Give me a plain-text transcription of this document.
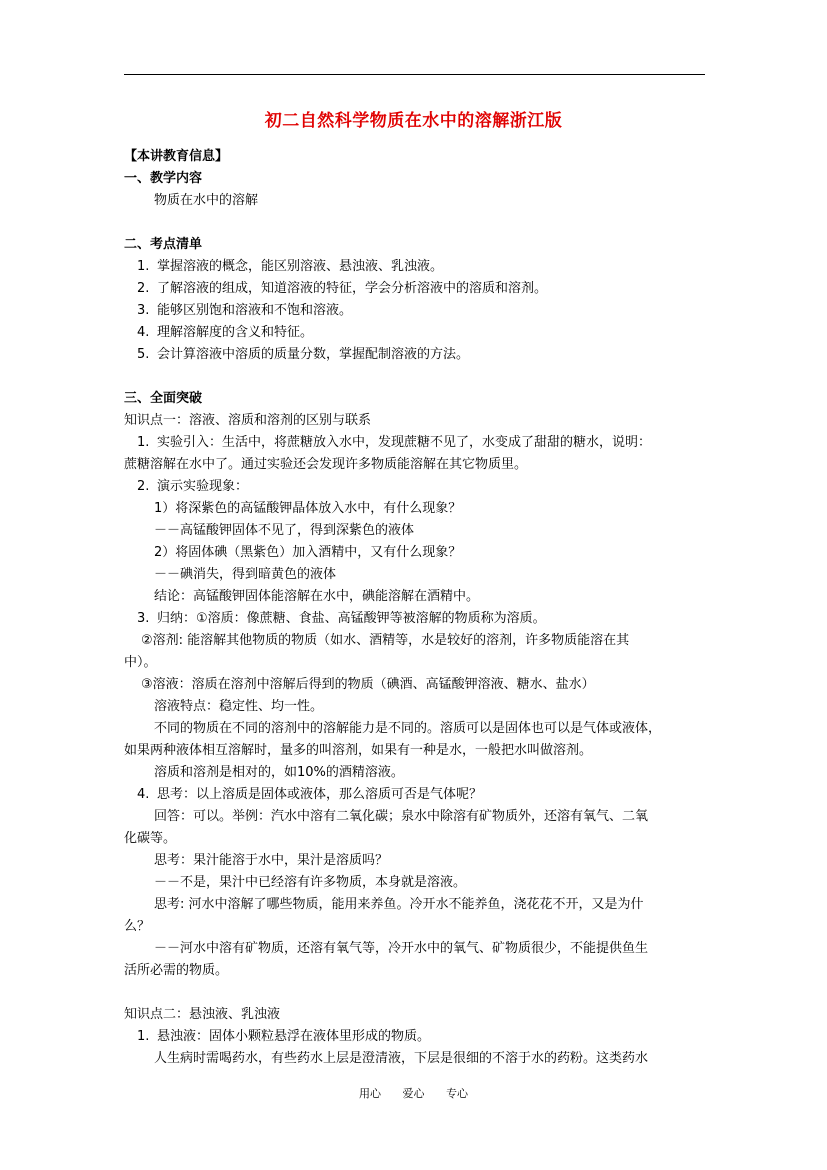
初二自然科学物质在水中的溶解浙江版
【本讲教育信息】
一、教学内容
物质在水中的溶解
二、考点清单
1. 掌握溶液的概念，能区别溶液、悬浊液、乳浊液。
2. 了解溶液的组成，知道溶液的特征，学会分析溶液中的溶质和溶剂。
3. 能够区别饱和溶液和不饱和溶液。
4. 理解溶解度的含义和特征。
5. 会计算溶液中溶质的质量分数，掌握配制溶液的方法。
三、全面突破
知识点一：溶液、溶质和溶剂的区别与联系
1. 实验引入：生活中，将蔗糖放入水中，发现蔗糖不见了，水变成了甜甜的糖水，说明：
蔗糖溶解在水中了。通过实验还会发现许多物质能溶解在其它物质里。
2. 演示实验现象：
1）将深紫色的高锰酸钾晶体放入水中，有什么现象？
－－高锰酸钾固体不见了，得到深紫色的液体
2）将固体碘（黑紫色）加入酒精中，又有什么现象？
－－碘消失，得到暗黄色的液体
结论：高锰酸钾固体能溶解在水中，碘能溶解在酒精中。
3. 归纳：①溶质：像蔗糖、食盐、高锰酸钾等被溶解的物质称为溶质。
②溶剂: 能溶解其他物质的物质（如水、酒精等，水是较好的溶剂，许多物质能溶在其
中）。
③溶液：溶质在溶剂中溶解后得到的物质（碘酒、高锰酸钾溶液、糖水、盐水）
溶液特点：稳定性、均一性。
不同的物质在不同的溶剂中的溶解能力是不同的。溶质可以是固体也可以是气体或液体，
如果两种液体相互溶解时，量多的叫溶剂，如果有一种是水，一般把水叫做溶剂。
溶质和溶剂是相对的，如10%的酒精溶液。
4. 思考：以上溶质是固体或液体，那么溶质可否是气体呢？
回答：可以。举例：汽水中溶有二氧化碳；泉水中除溶有矿物质外，还溶有氧气、二氧
化碳等。
思考：果汁能溶于水中，果汁是溶质吗？
－－不是，果汁中已经溶有许多物质，本身就是溶液。
思考: 河水中溶解了哪些物质，能用来养鱼。冷开水不能养鱼，浇花花不开，又是为什
么？
－－河水中溶有矿物质，还溶有氧气等，冷开水中的氧气、矿物质很少，不能提供鱼生
活所必需的物质。
知识点二：悬浊液、乳浊液
1. 悬浊液：固体小颗粒悬浮在液体里形成的物质。
人生病时需喝药水，有些药水上层是澄清液，下层是很细的不溶于水的药粉。这类药水
用心 爱心 专心
